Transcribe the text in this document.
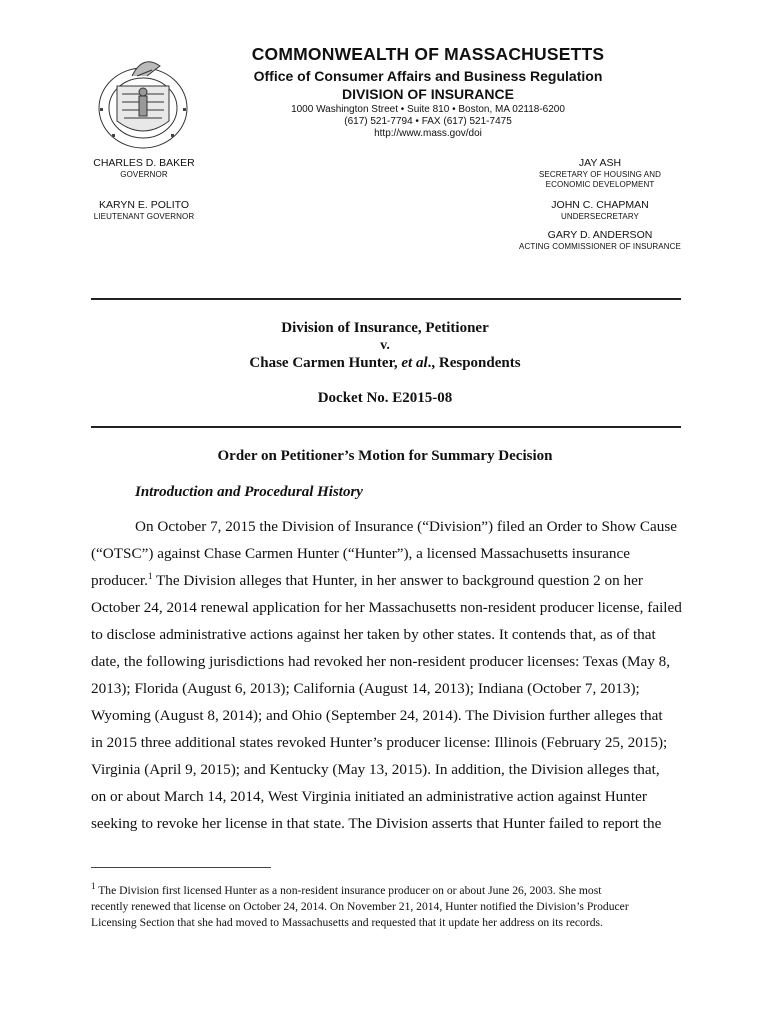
COMMONWEALTH OF MASSACHUSETTS
Office of Consumer Affairs and Business Regulation
DIVISION OF INSURANCE
1000 Washington Street • Suite 810 • Boston, MA 02118-6200
(617) 521-7794 • FAX (617) 521-7475
http://www.mass.gov/doi
CHARLES D. BAKER
GOVERNOR
KARYN E. POLITO
LIEUTENANT GOVERNOR
JAY ASH
SECRETARY OF HOUSING AND
ECONOMIC DEVELOPMENT
JOHN C. CHAPMAN
UNDERSECRETARY
GARY D. ANDERSON
ACTING COMMISSIONER OF INSURANCE
Division of Insurance, Petitioner
v.
Chase Carmen Hunter, et al., Respondents
Docket No. E2015-08
Order on Petitioner’s Motion for Summary Decision
Introduction and Procedural History
On October 7, 2015 the Division of Insurance (“Division”) filed an Order to Show Cause
(“OTSC”) against Chase Carmen Hunter (“Hunter”), a licensed Massachusetts insurance
producer.$^1$ The Division alleges that Hunter, in her answer to background question 2 on her
October 24, 2014 renewal application for her Massachusetts non-resident producer license, failed
to disclose administrative actions against her taken by other states. It contends that, as of that
date, the following jurisdictions had revoked her non-resident producer licenses: Texas (May 8,
2013); Florida (August 6, 2013); California (August 14, 2013); Indiana (October 7, 2013);
Wyoming (August 8, 2014); and Ohio (September 24, 2014). The Division further alleges that
in 2015 three additional states revoked Hunter’s producer license: Illinois (February 25, 2015);
Virginia (April 9, 2015); and Kentucky (May 13, 2015). In addition, the Division alleges that,
on or about March 14, 2014, West Virginia initiated an administrative action against Hunter
seeking to revoke her license in that state. The Division asserts that Hunter failed to report the
$^1$ The Division first licensed Hunter as a non-resident insurance producer on or about June 26, 2003. She most
recently renewed that license on October 24, 2014. On November 21, 2014, Hunter notified the Division’s Producer
Licensing Section that she had moved to Massachusetts and requested that it update her address on its records.
